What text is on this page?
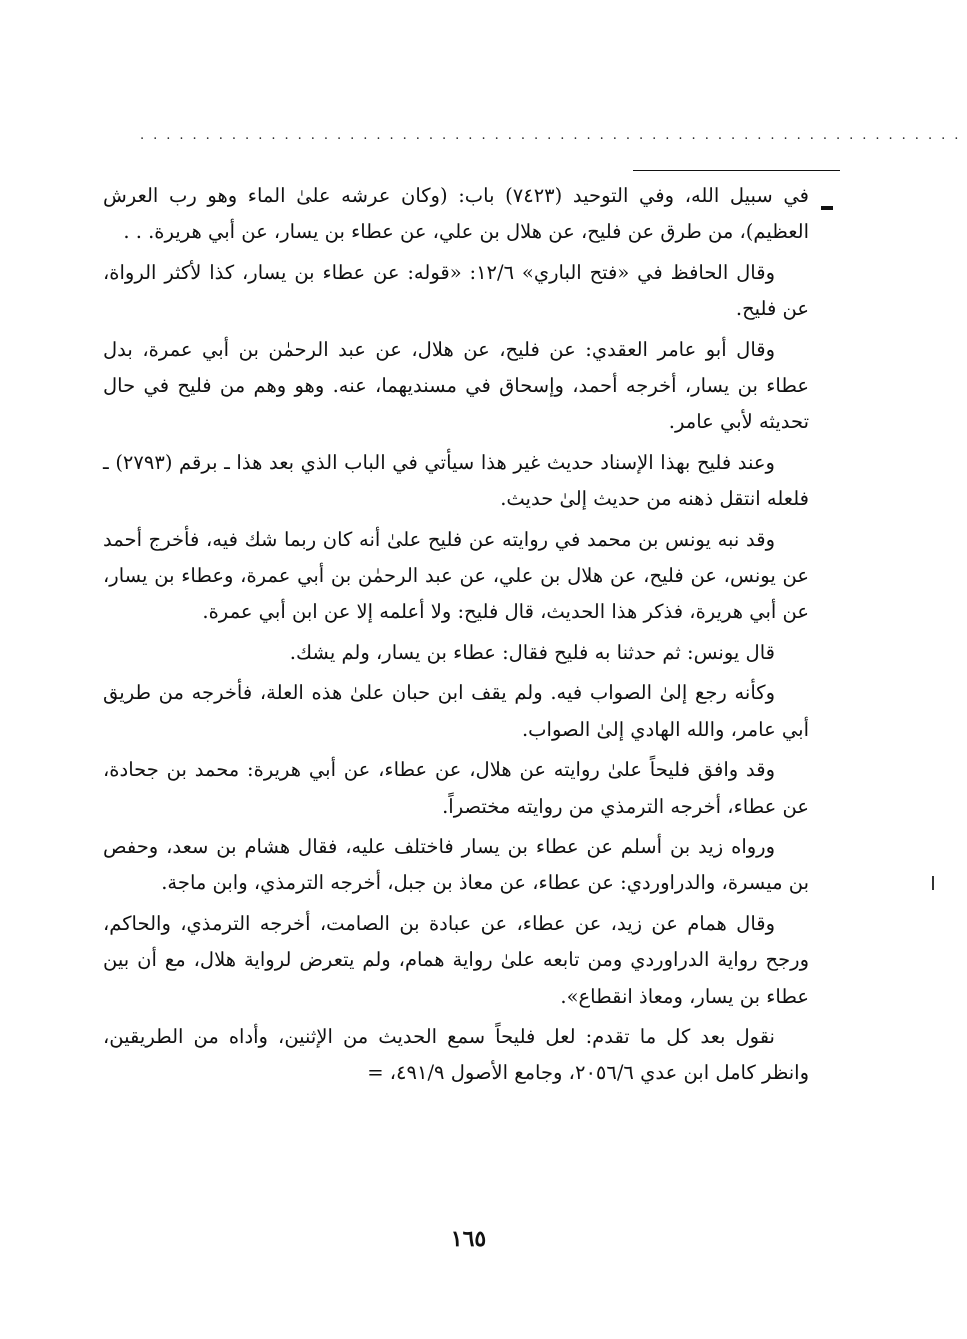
...............................................................

في سبيل الله، وفي التوحيد (٧٤٢٣) باب: (وكان عرشه علىٰ الماء وهو رب العرش العظيم)، من طرق عن فليح، عن هلال بن علي، عن عطاء بن يسار، عن أبي هريرة. . .

وقال الحافظ في «فتح الباري» ١٢/٦: «قوله: عن عطاء بن يسار، كذا لأكثر الرواة، عن فليح.

وقال أبو عامر العقدي: عن فليح، عن هلال، عن عبد الرحمٰن بن أبي عمرة، بدل عطاء بن يسار، أخرجه أحمد، وإسحاق في مسنديهما، عنه. وهو وهم من فليح في حال تحديثه لأبي عامر.

وعند فليح بهذا الإسناد حديث غير هذا سيأتي في الباب الذي بعد هذا ـ برقم (٢٧٩٣) ـ فلعله انتقل ذهنه من حديث إلىٰ حديث.

وقد نبه يونس بن محمد في روايته عن فليح علىٰ أنه كان ربما شك فيه، فأخرج أحمد عن يونس، عن فليح، عن هلال بن علي، عن عبد الرحمٰن بن أبي عمرة، وعطاء بن يسار، عن أبي هريرة، فذكر هذا الحديث، قال فليح: ولا أعلمه إلا عن ابن أبي عمرة.

قال يونس: ثم حدثنا به فليح فقال: عطاء بن يسار، ولم يشك.

وكأنه رجع إلىٰ الصواب فيه. ولم يقف ابن حبان علىٰ هذه العلة، فأخرجه من طريق أبي عامر، والله الهادي إلىٰ الصواب.

وقد وافق فليحاً علىٰ روايته عن هلال، عن عطاء، عن أبي هريرة: محمد بن جحادة، عن عطاء، أخرجه الترمذي من روايته مختصراً.

ورواه زيد بن أسلم عن عطاء بن يسار فاختلف عليه، فقال هشام بن سعد، وحفص بن ميسرة، والدراوردي: عن عطاء، عن معاذ بن جبل، أخرجه الترمذي، وابن ماجة.

وقال همام عن زيد، عن عطاء، عن عبادة بن الصامت، أخرجه الترمذي، والحاكم، ورجح رواية الدراوردي ومن تابعه علىٰ رواية همام، ولم يتعرض لرواية هلال، مع أن بين عطاء بن يسار، ومعاذ انقطاع».

نقول بعد كل ما تقدم: لعل فليحاً سمع الحديث من الإثنين، وأداه من الطريقين، وانظر كامل ابن عدي ٢٠٥٦/٦، وجامع الأصول ٤٩١/٩، =

١٦٥
